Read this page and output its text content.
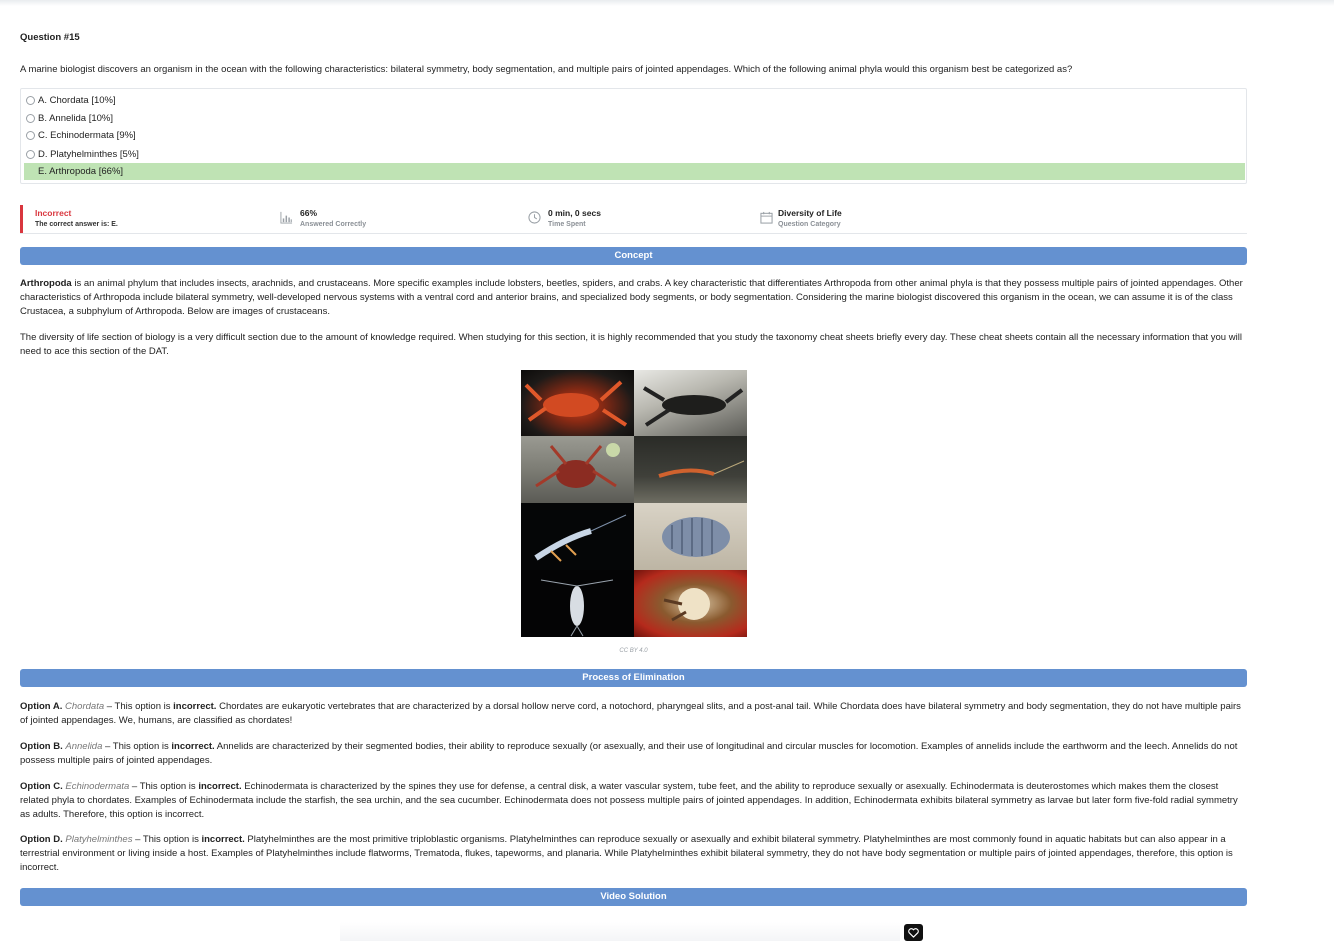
Question #15
A marine biologist discovers an organism in the ocean with the following characteristics: bilateral symmetry, body segmentation, and multiple pairs of jointed appendages. Which of the following animal phyla would this organism best be categorized as?
A. Chordata [10%]
B. Annelida [10%]
C. Echinodermata [9%]
D. Platyhelminthes [5%]
E. Arthropoda [66%]
Incorrect
The correct answer is: E.
66%
Answered Correctly
0 min, 0 secs
Time Spent
Diversity of Life
Question Category
Concept
Arthropoda is an animal phylum that includes insects, arachnids, and crustaceans. More specific examples include lobsters, beetles, spiders, and crabs. A key characteristic that differentiates Arthropoda from other animal phyla is that they possess multiple pairs of jointed appendages. Other characteristics of Arthropoda include bilateral symmetry, well-developed nervous systems with a ventral cord and anterior brains, and specialized body segments, or body segmentation. Considering the marine biologist discovered this organism in the ocean, we can assume it is of the class Crustacea, a subphylum of Arthropoda. Below are images of crustaceans.
The diversity of life section of biology is a very difficult section due to the amount of knowledge required. When studying for this section, it is highly recommended that you study the taxonomy cheat sheets briefly every day. These cheat sheets contain all the necessary information that you will need to ace this section of the DAT.
CC BY 4.0
Process of Elimination
Option A. Chordata – This option is incorrect. Chordates are eukaryotic vertebrates that are characterized by a dorsal hollow nerve cord, a notochord, pharyngeal slits, and a post-anal tail. While Chordata does have bilateral symmetry and body segmentation, they do not have multiple pairs of jointed appendages. We, humans, are classified as chordates!
Option B. Annelida – This option is incorrect. Annelids are characterized by their segmented bodies, their ability to reproduce sexually (or asexually, and their use of longitudinal and circular muscles for locomotion. Examples of annelids include the earthworm and the leech. Annelids do not possess multiple pairs of jointed appendages.
Option C. Echinodermata – This option is incorrect. Echinodermata is characterized by the spines they use for defense, a central disk, a water vascular system, tube feet, and the ability to reproduce sexually or asexually. Echinodermata is deuterostomes which makes them the closest related phyla to chordates. Examples of Echinodermata include the starfish, the sea urchin, and the sea cucumber. Echinodermata does not possess multiple pairs of jointed appendages. In addition, Echinodermata exhibits bilateral symmetry as larvae but later form five-fold radial symmetry as adults. Therefore, this option is incorrect.
Option D. Platyhelminthes – This option is incorrect. Platyhelminthes are the most primitive triploblastic organisms. Platyhelminthes can reproduce sexually or asexually and exhibit bilateral symmetry. Platyhelminthes are most commonly found in aquatic habitats but can also appear in a terrestrial environment or living inside a host. Examples of Platyhelminthes include flatworms, Trematoda, flukes, tapeworms, and planaria. While Platyhelminthes exhibit bilateral symmetry, they do not have body segmentation or multiple pairs of jointed appendages, therefore, this option is incorrect.
Video Solution
